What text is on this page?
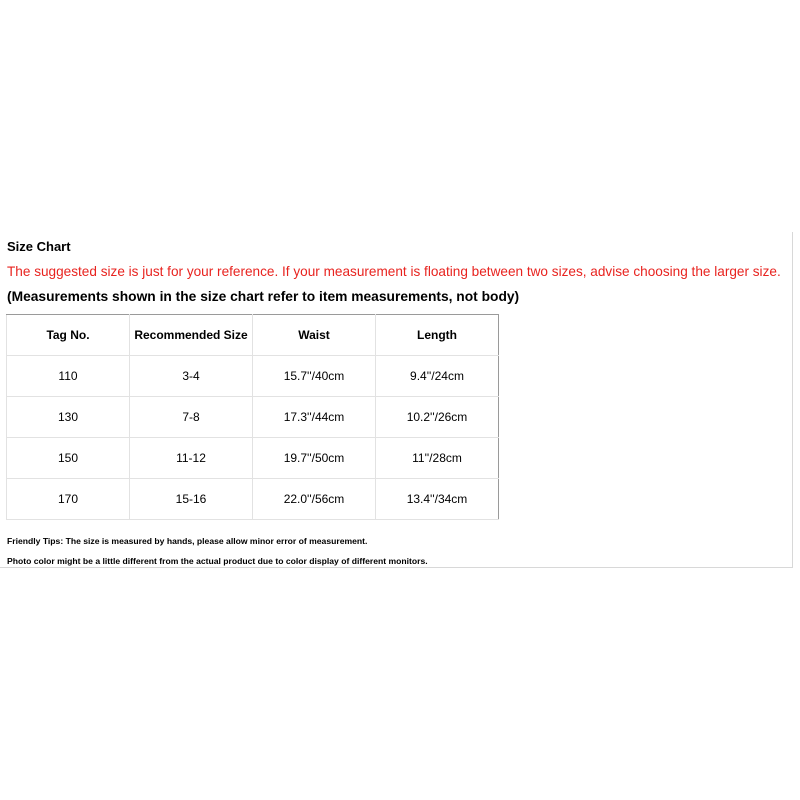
Size Chart
The suggested size is just for your reference. If your measurement is floating between two sizes, advise choosing the larger size.
(Measurements shown in the size chart refer to item measurements, not body)
Tag No.	Recommended Size	Waist	Length
110	3-4	15.7''/40cm	9.4''/24cm
130	7-8	17.3''/44cm	10.2''/26cm
150	11-12	19.7''/50cm	11''/28cm
170	15-16	22.0''/56cm	13.4''/34cm
Friendly Tips: The size is measured by hands, please allow minor error of measurement.
Photo color might be a little different from the actual product due to color display of different monitors.
